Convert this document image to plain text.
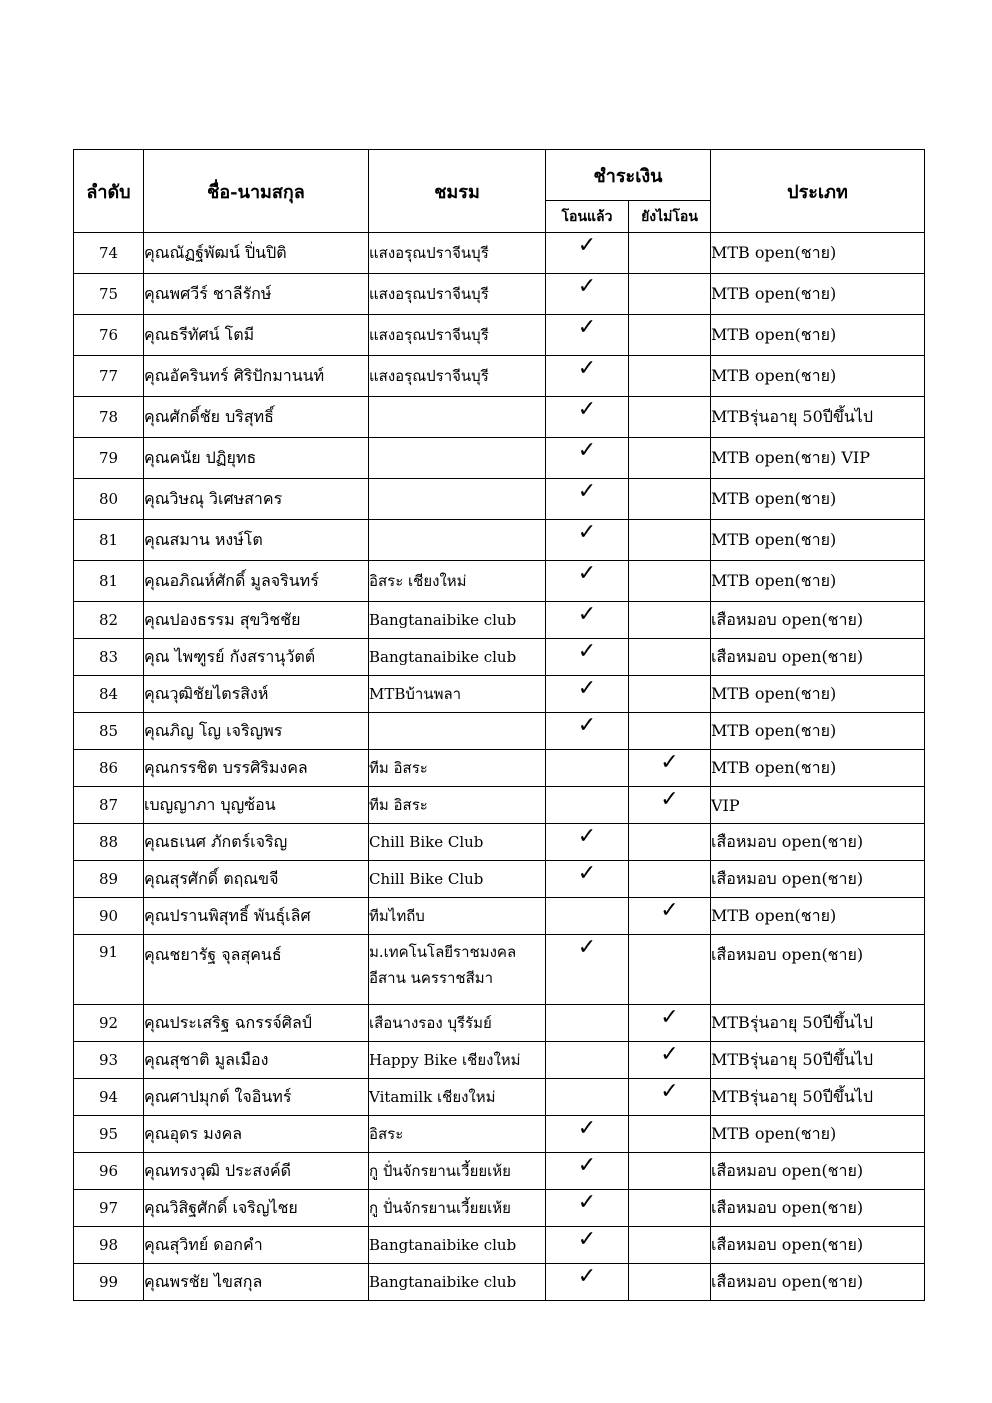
ลำดับ	ชื่อ-นามสกุล	ชมรม	ชำระเงิน		ประเภท
			โอนแล้ว	ยังไม่โอน	
74	คุณณัฏฐ์พัฒน์ ปิ่นปิติ	แสงอรุณปราจีนบุรี	✓		MTB open(ชาย)
75	คุณพศวีร์ ชาลีรักษ์	แสงอรุณปราจีนบุรี	✓		MTB open(ชาย)
76	คุณธรีทัศน์ โตมี	แสงอรุณปราจีนบุรี	✓		MTB open(ชาย)
77	คุณอัครินทร์ ศิริปักมานนท์	แสงอรุณปราจีนบุรี	✓		MTB open(ชาย)
78	คุณศักดิ์ชัย บริสุทธิ์		✓		MTBรุ่นอายุ 50ปีขึ้นไป
79	คุณคนัย ปฏิยุทธ		✓		MTB open(ชาย) VIP
80	คุณวิษณุ วิเศษสาคร		✓		MTB open(ชาย)
81	คุณสมาน หงษ์โต		✓		MTB open(ชาย)
81	คุณอภิณห์ศักดิ์ มูลจรินทร์	อิสระ เชียงใหม่	✓		MTB open(ชาย)
82	คุณปองธรรม สุขวิชชัย	Bangtanaibike club	✓		เสือหมอบ open(ชาย)
83	คุณ ไพฑูรย์ กังสรานุวัตต์	Bangtanaibike club	✓		เสือหมอบ open(ชาย)
84	คุณวุฒิชัยไตรสิงห์	MTBบ้านพลา	✓		MTB open(ชาย)
85	คุณภิญ โญ เจริญพร		✓		MTB open(ชาย)
86	คุณกรรชิต บรรศิริมงคล	ทีม อิสระ		✓	MTB open(ชาย)
87	เบญญาภา บุญซ้อน	ทีม อิสระ		✓	VIP
88	คุณธเนศ ภักตร์เจริญ	Chill Bike Club	✓		เสือหมอบ open(ชาย)
89	คุณสุรศักดิ์ ตฤณขจี	Chill Bike Club	✓		เสือหมอบ open(ชาย)
90	คุณปรานพิสุทธิ์ พันธุ์เลิศ	ทีมไทถีบ		✓	MTB open(ชาย)
91	คุณชยารัฐ จุลสุคนธ์	ม.เทคโนโลยีราชมงคล อีสาน นครราชสีมา	✓		เสือหมอบ open(ชาย)
92	คุณประเสริฐ ฉกรรจ์ศิลป์	เสือนางรอง บุรีรัมย์		✓	MTBรุ่นอายุ 50ปีขึ้นไป
93	คุณสุชาติ มูลเมือง	Happy Bike เชียงใหม่		✓	MTBรุ่นอายุ 50ปีขึ้นไป
94	คุณศาปมุกต์ ใจอินทร์	Vitamilk เชียงใหม่		✓	MTBรุ่นอายุ 50ปีขึ้นไป
95	คุณอุดร มงคล	อิสระ	✓		MTB open(ชาย)
96	คุณทรงวุฒิ ประสงค์ดี	กู ปั่นจักรยานเวี้ยยเห้ย	✓		เสือหมอบ open(ชาย)
97	คุณวิสิฐศักดิ์ เจริญไชย	กู ปั่นจักรยานเวี้ยยเห้ย	✓		เสือหมอบ open(ชาย)
98	คุณสุวิทย์ ดอกคำ	Bangtanaibike club	✓		เสือหมอบ open(ชาย)
99	คุณพรชัย ไขสกุล	Bangtanaibike club	✓		เสือหมอบ open(ชาย)
